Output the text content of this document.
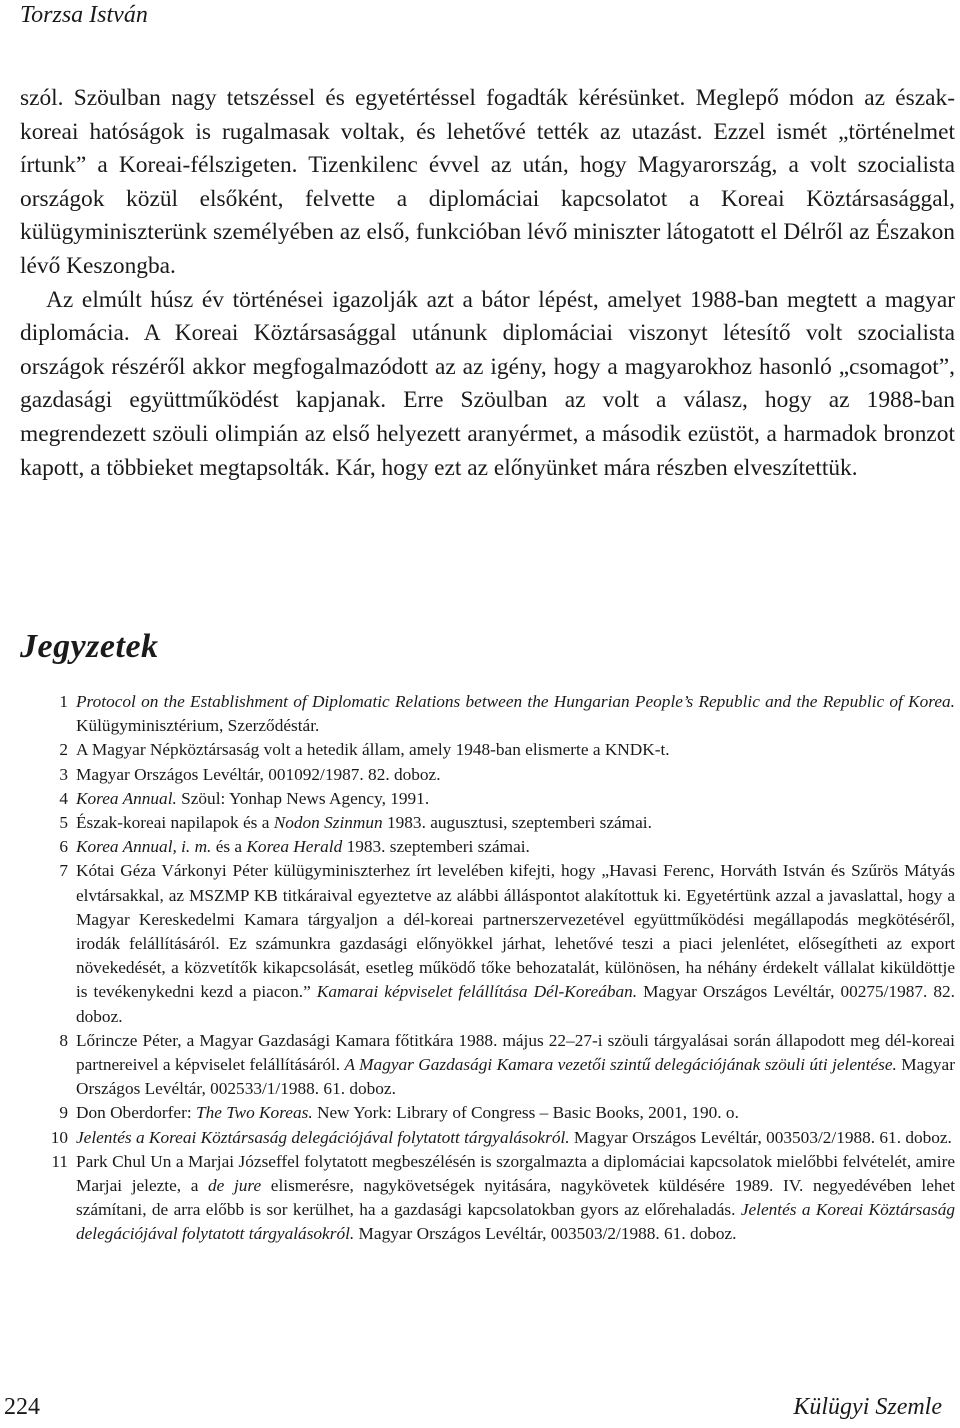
Torzsa István

szól. Szöulban nagy tetszéssel és egyetértéssel fogadták kérésünket. Meglepő módon az észak-koreai hatóságok is rugalmasak voltak, és lehetővé tették az utazást. Ezzel ismét „történelmet írtunk” a Koreai-félszigeten. Tizenkilenc évvel az után, hogy Magyarország, a volt szocialista országok közül elsőként, felvette a diplomáciai kapcsolatot a Koreai Köztársasággal, külügyminiszterünk személyében az első, funkcióban lévő miniszter látogatott el Délről az Északon lévő Keszongba.

Az elmúlt húsz év történései igazolják azt a bátor lépést, amelyet 1988-ban megtett a magyar diplomácia. A Koreai Köztársasággal utánunk diplomáciai viszonyt létesítő volt szocialista országok részéről akkor megfogalmazódott az az igény, hogy a magyarokhoz hasonló „csomagot”, gazdasági együttműködést kapjanak. Erre Szöulban az volt a válasz, hogy az 1988-ban megrendezett szöuli olimpián az első helyezett aranyérmet, a második ezüstöt, a harmadok bronzot kapott, a többieket megtapsolták. Kár, hogy ezt az előnyünket mára részben elveszítettük.

Jegyzetek
1 Protocol on the Establishment of Diplomatic Relations between the Hungarian People’s Republic and the Republic of Korea. Külügyminisztérium, Szerződéstár.
2 A Magyar Népköztársaság volt a hetedik állam, amely 1948-ban elismerte a KNDK-t.
3 Magyar Országos Levéltár, 001092/1987. 82. doboz.
4 Korea Annual. Szöul: Yonhap News Agency, 1991.
5 Észak-koreai napilapok és a Nodon Szinmun 1983. augusztusi, szeptemberi számai.
6 Korea Annual, i. m. és a Korea Herald 1983. szeptemberi számai.
7 Kótai Géza Várkonyi Péter külügyminiszterhez írt levelében kifejti, hogy „Havasi Ferenc, Horváth István és Szűrös Mátyás elvtársakkal, az MSZMP KB titkáraival egyeztetve az alábbi álláspontot alakítottuk ki. Egyetértünk azzal a javaslattal, hogy a Magyar Kereskedelmi Kamara tárgyaljon a dél-koreai partnerszervezetével együttműködési megállapodás megkötéséről, irodák felállításáról. Ez számunkra gazdasági előnyökkel járhat, lehetővé teszi a piaci jelenlétet, elősegítheti az export növekedését, a közvetítők kikapcsolását, esetleg működő tőke behozatalát, különösen, ha néhány érdekelt vállalat kiküldöttje is tevékenykedni kezd a piacon.” Kamarai képviselet felállítása Dél-Koreában. Magyar Országos Levéltár, 00275/1987. 82. doboz.
8 Lőrincze Péter, a Magyar Gazdasági Kamara főtitkára 1988. május 22–27-i szöuli tárgyalásai során állapodott meg dél-koreai partnereivel a képviselet felállításáról. A Magyar Gazdasági Kamara vezetői szintű delegációjának szöuli úti jelentése. Magyar Országos Levéltár, 002533/1/1988. 61. doboz.
9 Don Oberdorfer: The Two Koreas. New York: Library of Congress – Basic Books, 2001, 190. o.
10 Jelentés a Koreai Köztársaság delegációjával folytatott tárgyalásokról. Magyar Országos Levéltár, 003503/2/1988. 61. doboz.
11 Park Chul Un a Marjai Józseffel folytatott megbeszélésén is szorgalmazta a diplomáciai kapcsolatok mielőbbi felvételét, amire Marjai jelezte, a de jure elismerésre, nagykövetségek nyitására, nagykövetek küldésére 1989. IV. negyedévében lehet számítani, de arra előbb is sor kerülhet, ha a gazdasági kapcsolatokban gyors az előrehaladás. Jelentés a Koreai Köztársaság delegációjával folytatott tárgyalásokról. Magyar Országos Levéltár, 003503/2/1988. 61. doboz.
224	Külügyi Szemle
